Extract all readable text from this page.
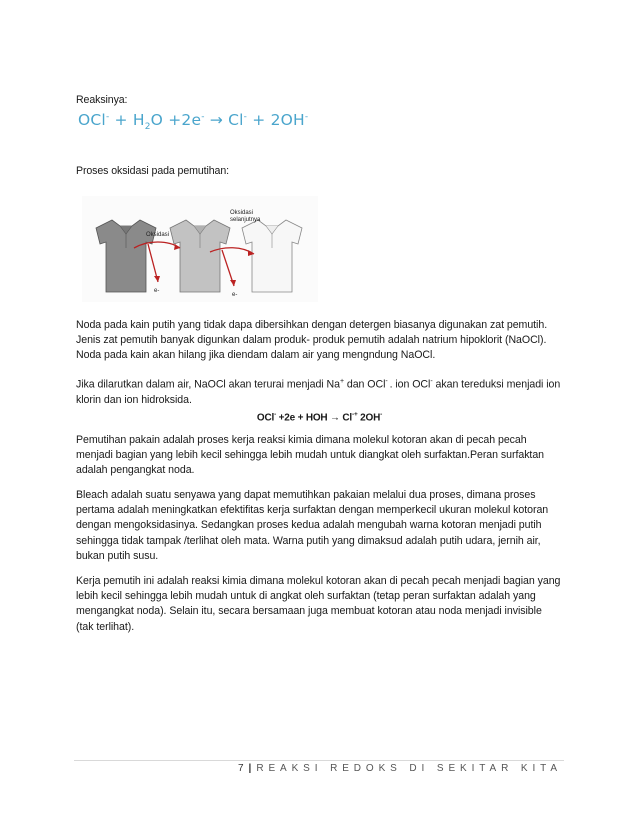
Reaksinya:
$OCl^- + H_2O +2e^- \to Cl^- + 2OH^-$
Proses oksidasi pada pemutihan:
Oksidasi
Oksidasi
selanjutnya
e-
e-

Noda pada kain putih yang tidak dapa dibersihkan dengan detergen biasanya digunakan zat pemutih.

Jenis zat pemutih banyak digunkan dalam produk- produk pemutih adalah natrium hipoklorit (NaOCl).

Noda pada kain akan hilang jika diendam dalam air yang mengndung NaOCl.

Jika dilarutkan dalam air, NaOCl akan terurai menjadi Na+ dan OCl- . ion OCl- akan tereduksi menjadi ion

klorin dan ion hidroksida.

OCl- +2e + HOH → Cl-+ 2OH-

Pemutihan pakain adalah proses kerja reaksi kimia dimana molekul kotoran akan di pecah pecah

menjadi bagian yang lebih kecil sehingga lebih mudah untuk diangkat oleh surfaktan.Peran surfaktan

adalah pengangkat noda.

Bleach adalah suatu senyawa yang dapat memutihkan pakaian melalui dua proses, dimana proses

pertama adalah meningkatkan efektifitas kerja surfaktan dengan memperkecil ukuran molekul kotoran

dengan mengoksidasinya. Sedangkan proses kedua adalah mengubah warna kotoran menjadi putih

sehingga tidak tampak /terlihat oleh mata. Warna putih yang dimaksud adalah putih udara, jernih air,

bukan putih susu.

Kerja pemutih ini adalah reaksi kimia dimana molekul kotoran akan di pecah pecah menjadi bagian yang

lebih kecil sehingga lebih mudah untuk di angkat oleh surfaktan (tetap peran surfaktan adalah yang

mengangkat noda). Selain itu, secara bersamaan juga membuat kotoran atau noda menjadi invisible

(tak terlihat).

7 | REAKSI REDOKS DI SEKITAR KITA
